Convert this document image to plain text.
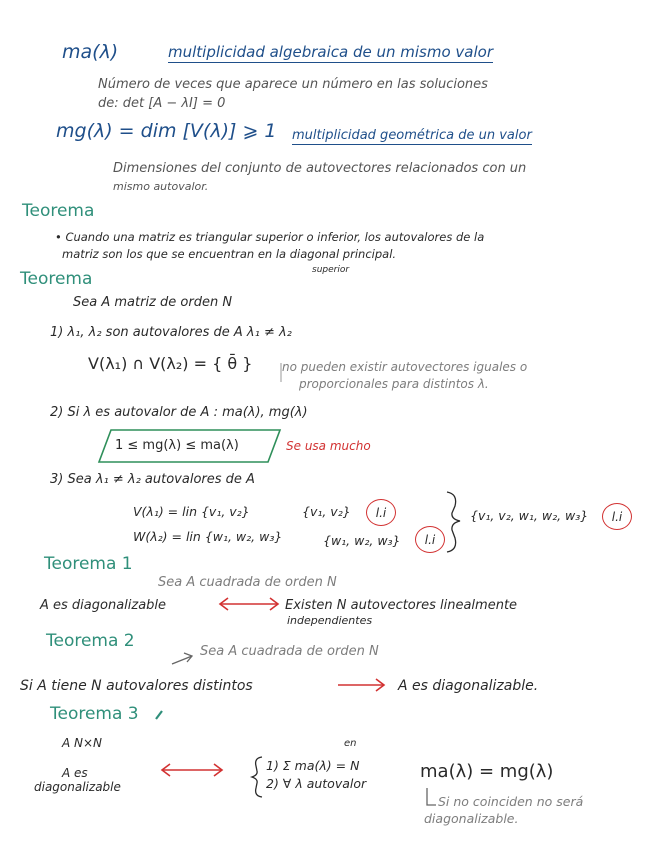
ma(λ)	multiplicidad algebraica de un mismo valor
Número de veces que aparece un número en las soluciones
de: det [A − λI] = 0
mg(λ) = dim [V(λ)] ⩾ 1 multiplicidad geométrica de un valor
Dimensiones del conjunto de autovectores relacionados con un
mismo autovalor.
Teorema
• Cuando una matriz es triangular superior o inferior, los autovalores de la
matriz son los que se encuentran en la diagonal principal.
superior
Teorema
Sea A matriz de orden N
1) λ₁, λ₂ son autovalores de A λ₁ ≠ λ₂
V(λ₁) ∩ V(λ₂) = { θ̄ } no pueden existir autovectores iguales o
proporcionales para distintos λ.
2) Si λ es autovalor de A : ma(λ), mg(λ)
1 ≤ mg(λ) ≤ ma(λ)	Se usa mucho
3) Sea λ₁ ≠ λ₂ autovalores de A
V(λ₁) = lin {v₁, v₂}	{v₁, v₂} l.i
W(λ₂) = lin {w₁, w₂, w₃}	{w₁, w₂, w₃} l.i
{v₁, v₂, w₁, w₂, w₃} l.i
Teorema 1
Sea A cuadrada de orden N
A es diagonalizable	Existen N autovectores linealmente
independientes
Teorema 2
Sea A cuadrada de orden N
Si A tiene N autovalores distintos	A es diagonalizable.
Teorema 3
A N×N	en
A es
diagonalizable
1) Σ ma(λ) = N
2) ∀ λ autovalor
ma(λ) = mg(λ)
Si no coinciden no será
diagonalizable.
